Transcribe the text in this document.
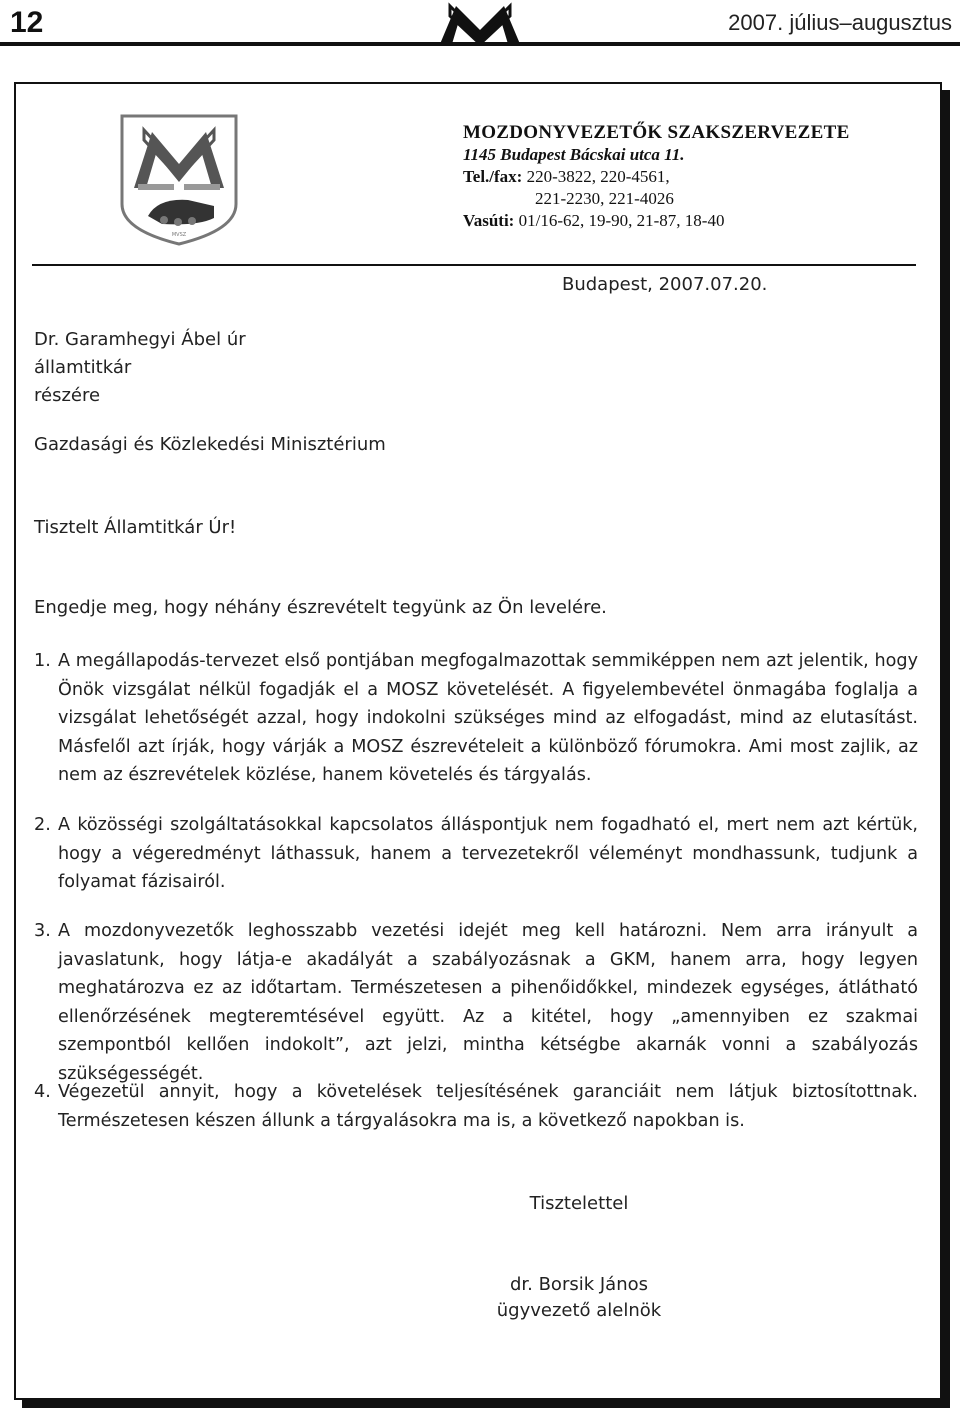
12	2007. július–augusztus
MVSZ
MOZDONYVEZETŐK SZAKSZERVEZETE
1145 Budapest Bácskai utca 11.
Tel./fax: 220-3822, 220-4561,
221-2230, 221-4026
Vasúti: 01/16-62, 19-90, 21-87, 18-40
Budapest, 2007.07.20.
Dr. Garamhegyi Ábel úr
államtitkár
részére
Gazdasági és Közlekedési Minisztérium
Tisztelt Államtitkár Úr!
Engedje meg, hogy néhány észrevételt tegyünk az Ön levelére.
1. A megállapodás-tervezet első pontjában megfogalmazottak semmiképpen nem azt jelentik, hogy Önök vizsgálat nélkül fogadják el a MOSZ követelését. A figyelembevétel önmagába foglalja a vizsgálat lehetőségét azzal, hogy indokolni szükséges mind az elfogadást, mind az elutasítást. Másfelől azt írják, hogy várják a MOSZ észrevételeit a különböző fórumokra. Ami most zajlik, az nem az észrevételek közlése, hanem követelés és tárgyalás.
2. A közösségi szolgáltatásokkal kapcsolatos álláspontjuk nem fogadható el, mert nem azt kértük, hogy a végeredményt láthassuk, hanem a tervezetekről véleményt mondhassunk, tudjunk a folyamat fázisairól.
3. A mozdonyvezetők leghosszabb vezetési idejét meg kell határozni. Nem arra irányult a javaslatunk, hogy látja-e akadályát a szabályozásnak a GKM, hanem arra, hogy legyen meghatározva ez az időtartam. Természetesen a pihenőidőkkel, mindezek egységes, átlátható ellenőrzésének megteremtésével együtt. Az a kitétel, hogy „amennyiben ez szakmai szempontból kellően indokolt”, azt jelzi, mintha kétségbe akarnák vonni a szabályozás szükségességét.
4. Végezetül annyit, hogy a követelések teljesítésének garanciáit nem látjuk biztosítottnak. Természetesen készen állunk a tárgyalásokra ma is, a következő napokban is.
Tisztelettel
dr. Borsik János
ügyvezető alelnök
